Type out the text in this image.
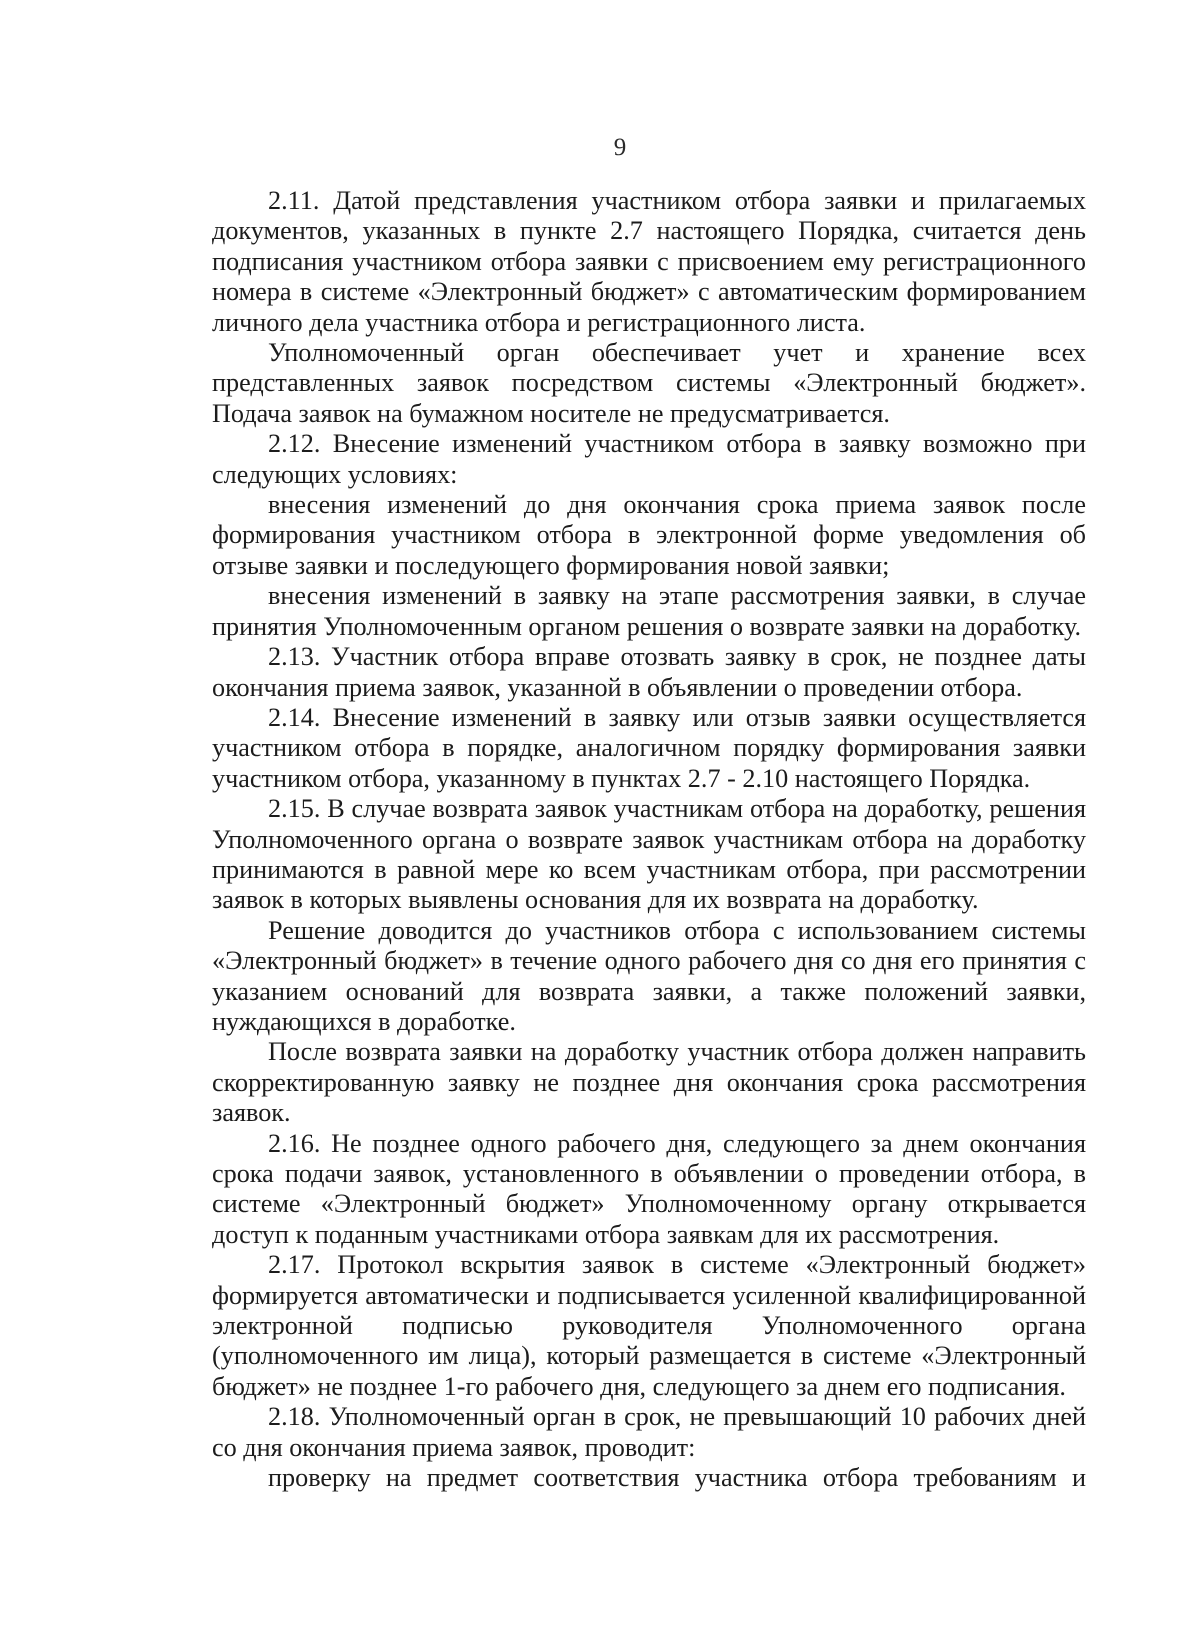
9

2.11. Датой представления участником отбора заявки и прилагаемых документов, указанных в пункте 2.7 настоящего Порядка, считается день подписания участником отбора заявки с присвоением ему регистрационного номера в системе «Электронный бюджет» с автоматическим формированием личного дела участника отбора и регистрационного листа.

Уполномоченный орган обеспечивает учет и хранение всех представленных заявок посредством системы «Электронный бюджет». Подача заявок на бумажном носителе не предусматривается.

2.12. Внесение изменений участником отбора в заявку возможно при следующих условиях:

внесения изменений до дня окончания срока приема заявок после формирования участником отбора в электронной форме уведомления об отзыве заявки и последующего формирования новой заявки;

внесения изменений в заявку на этапе рассмотрения заявки, в случае принятия Уполномоченным органом решения о возврате заявки на доработку.

2.13. Участник отбора вправе отозвать заявку в срок, не позднее даты окончания приема заявок, указанной в объявлении о проведении отбора.

2.14. Внесение изменений в заявку или отзыв заявки осуществляется участником отбора в порядке, аналогичном порядку формирования заявки участником отбора, указанному в пунктах 2.7 - 2.10 настоящего Порядка.

2.15. В случае возврата заявок участникам отбора на доработку, решения Уполномоченного органа о возврате заявок участникам отбора на доработку принимаются в равной мере ко всем участникам отбора, при рассмотрении заявок в которых выявлены основания для их возврата на доработку.

Решение доводится до участников отбора с использованием системы «Электронный бюджет» в течение одного рабочего дня со дня его принятия с указанием оснований для возврата заявки, а также положений заявки, нуждающихся в доработке.

После возврата заявки на доработку участник отбора должен направить скорректированную заявку не позднее дня окончания срока рассмотрения заявок.

2.16. Не позднее одного рабочего дня, следующего за днем окончания срока подачи заявок, установленного в объявлении о проведении отбора, в системе «Электронный бюджет» Уполномоченному органу открывается доступ к поданным участниками отбора заявкам для их рассмотрения.

2.17. Протокол вскрытия заявок в системе «Электронный бюджет» формируется автоматически и подписывается усиленной квалифицированной электронной подписью руководителя Уполномоченного органа (уполномоченного им лица), который размещается в системе «Электронный бюджет» не позднее 1-го рабочего дня, следующего за днем его подписания.

2.18. Уполномоченный орган в срок, не превышающий 10 рабочих дней со дня окончания приема заявок, проводит:

проверку на предмет соответствия участника отбора требованиям и
